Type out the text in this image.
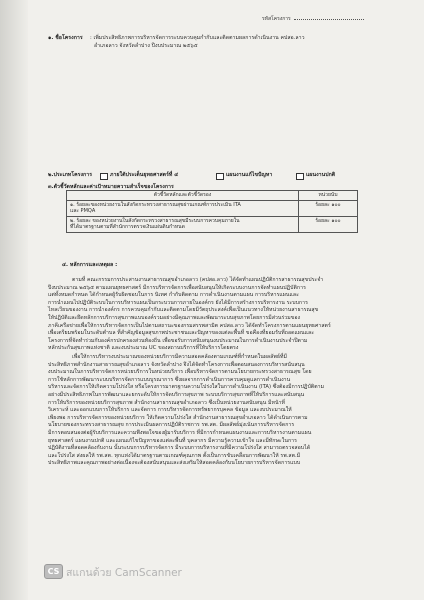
รหัสโครงการ
๑. ชื่อโครงการ : เพิ่มประสิทธิภาพการบริหารจัดการระบบควบคุมกำกับและติดตามผลการดำเนินงาน คปสอ.ลาว
อำเภอลาว จังหวัดลำปาง ปีงบประมาณ ๒๕๖๕
๒.ประเภทโครงการ	ภายใต้ประเด็นยุทธศาสตร์ที่ ๔	แผนงานแก้ไขปัญหา	แผนงานปกติ
๓.ตัวชี้วัดหลักและค่าเป้าหมายความสำเร็จของโครงการ
ตัวชี้วัดหลักและตัวชี้วัดรอง	หน่วยนับ
๑. ร้อยละของหน่วยงานในสังกัดกระทรวงสาธารณสุขผ่านเกณฑ์การประเมิน ITA
และ PMQA	ร้อยละ ๑๐๐
๒. ร้อยละ ของหน่วยงานในสังกัดกระทรวงสาธารณสุขมีระบบการควบคุมภายใน
ที่ได้มาตรฐานตามที่สำนักการตรวจเงินแผ่นดินกำหนด	ร้อยละ ๑๐๐
๔. หลักการและเหตุผล :
ตามที่ คณะกรรมการประสานงานสาธารณสุขอำเภอลาว (คปสอ.ลาว) ได้จัดทำแผนปฏิบัติการสาธารณสุขประจำ
ปีงบประมาณ ๒๕๖๕ ตามแผนยุทธศาสตร์ มีการบริหารจัดการเพื่อสนับสนุนให้เกิดระบบงานการจัดทำแผนปฏิบัติการ
แต่ทั้งหมดกำหนด ได้กำหนดผู้รับผิดชอบในการ นิเทศ กำกับติดตาม การดำเนินงานตามแผน การบริหารแผนและ
การนำแผนไปปฏิบัติระบบในการบริหารแผนเป็นกระบวนการภายในองค์กร ยังได้มีการสร้างการบริหารงาน ระบบการ
ไหลเวียนของงาน การนำองค์กร การควบคุมกำกับและติดตามโดยมีวัตถุประสงค์เพื่อเป็นแนวทางให้หน่วยงานสาธารณสุข
ให้ปฏิบัติและยึดหลักการบริการสุขภาพแบบองค์รวมอย่างมีคุณภาพและพัฒนาระบบสุขภาพโดยการมีส่วนร่วมของ
ภาคีเครือข่ายเพื่อให้การบริหารจัดการเป็นไปตามสถานะของกรมสรรพสามิต คปสอ.ลาว ได้จัดทำโครงการตามแผนยุทธศาสตร์
เพื่อเตรียมพร้อมในระดับตำบล ที่สำคัญข้อมูลสุขภาพประชาชนและปัญหาของแต่ละพื้นที่ ขอคืองที่ยอมรับที่ถอดแผนและ
โครงการที่จัดทำร่วมกับองค์กรปกครองส่วนท้องถิ่น เพื่อขอรับการสนับสนุนงบประมาณในการดำเนินงานประจำปีตาม
หลักประกันสุขภาพแห่งชาติ และงบประมาณ UC ของสถานบริการที่ให้บริการโดยตรง
เพื่อให้การบริหารงบประมาณของหน่วยบริการมีความสอดคล้องตามเกณฑ์ที่กำหนดในผลลัพธ์ที่มี
ประสิทธิภาพสำนักงานสาธารณสุขอำเภอลาว จังหวัดลำปาง จึงได้จัดทำโครงการเพื่อตอบสนองการบริหารสนับสนุน
งบประมาณในการบริหารจัดการหน่วยบริการในหน่วยบริการ เพื่อบริหารจัดการตามนโยบายกระทรวงสาธารณสุข โดย
การใช้หลักการพัฒนาระบบบริหารจัดการแบบบูรณาการ ซึ่งผลจากการดำเนินการควบคุมดูแลการดำเนินงาน
บริหารและจัดการให้เกิดความโปร่งใส หรือโครงการมาตรฐานความโปร่งใสในการดำเนินงาน (ITA) ซึ่งต้องมีการปฏิบัติตาม
อย่างมีประสิทธิภาพในการพัฒนาและยกระดับให้การจัดบริการสุขภาพ ระบบบริการสุขภาพที่ให้บริการและสนับสนุน
การให้บริการของหน่วยบริการสุขภาพ สำนักงานสาธารณสุขอำเภอลาว ซึ่งเป็นหน่วยงานสนับสนุน มีหน้าที่
วิเคราะห์ และออกแบบการให้บริการ และจัดการ การบริหารจัดการทรัพยากรบุคคล ข้อมูล และงบประมาณให้
เพียงพอ การบริหารจัดการของหน่วยบริการ ให้เกิดความโปร่งใส สำนักงานสาธารณสุขอำเภอลาว ได้ดำเนินการตาม
นโยบายของกระทรวงสาธารณสุข การประเมินผลการปฏิบัติราชการ รพ.สต. มีผลลัพธ์มุ่งเน้นการบริหารจัดการ
มีการตอบสนองต่อผู้รับบริการและความพึงพอใจของผู้มารับบริการ ที่มีการกำหนดแผนงานและการบริหารงานตามแผน
ยุทธศาสตร์ แผนงานปกติ และแผนแก้ไขปัญหาของแต่ละพื้นที่ บุคลากร มีความรู้ความเข้าใจ และมีทักษะในการ
ปฏิบัติงานที่สอดคล้องกับงาน นั้นระบบการบริหารจัดการ มีระบบการบริหารงานที่มีความโปร่งใส สามารถตรวจสอบได้
และโปร่งใส ส่งผลให้ รพ.สต. ทุกแห่งได้มาตรฐานตามเกณฑ์คุณภาพ ตั้งเป็นการขับเคลื่อนการพัฒนาให้ รพ.สต.มี
ประสิทธิภาพและคุณภาพอย่างต่อเนื่องจะต้องสนับสนุนและส่งเสริมให้สอดคล้องกับนโยบายการบริหารจัดการแบบ
CS สแกนด้วย CamScanner
